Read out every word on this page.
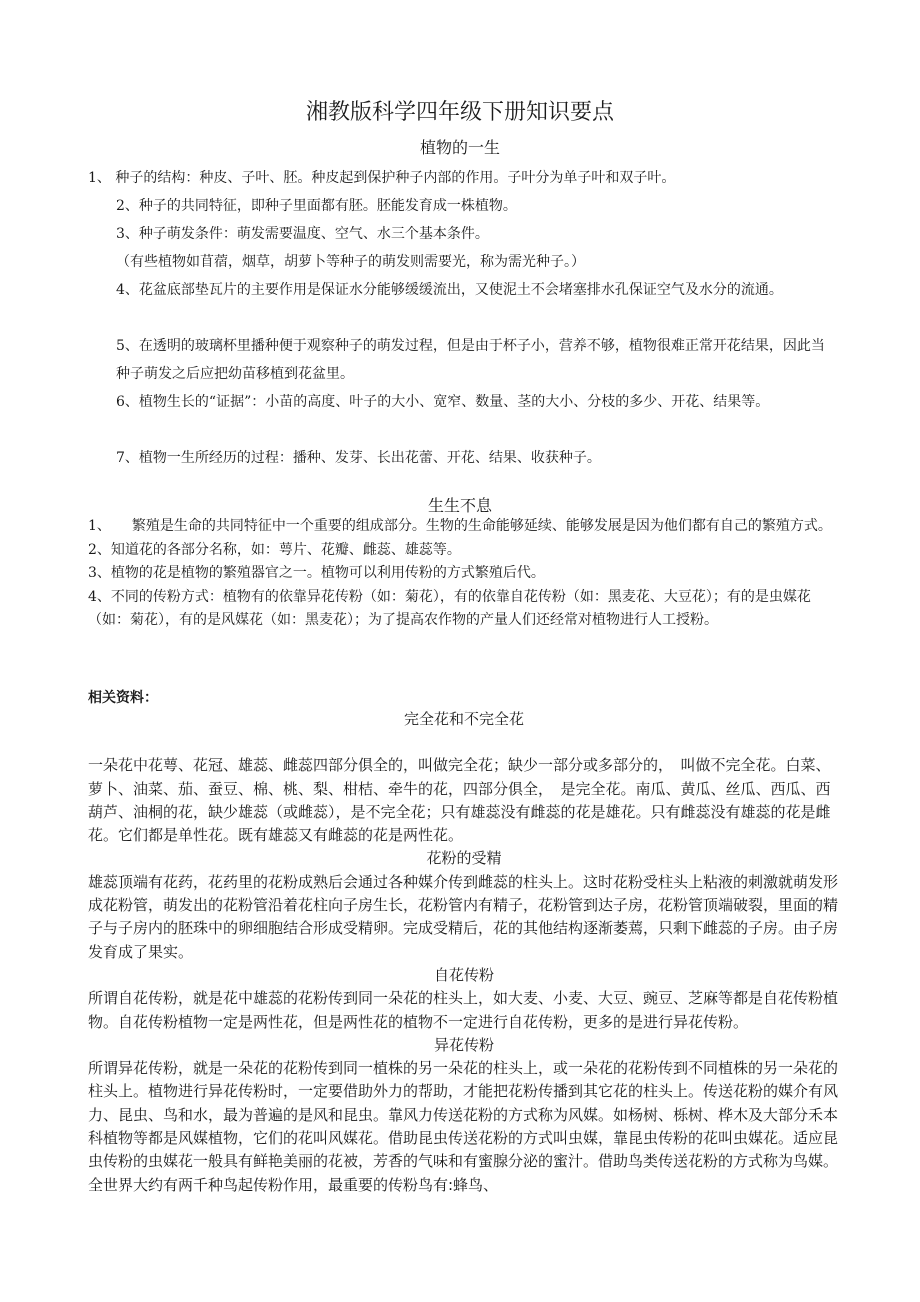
湘教版科学四年级下册知识要点
植物的一生
1、 种子的结构：种皮、子叶、胚。种皮起到保护种子内部的作用。子叶分为单子叶和双子叶。
2、种子的共同特征，即种子里面都有胚。胚能发育成一株植物。
3、种子萌发条件：萌发需要温度、空气、水三个基本条件。
（有些植物如苜蓿，烟草，胡萝卜等种子的萌发则需要光，称为需光种子。）
4、花盆底部垫瓦片的主要作用是保证水分能够缓缓流出，又使泥土不会堵塞排水孔保证空气及水分的流通。
5、在透明的玻璃杯里播种便于观察种子的萌发过程，但是由于杯子小，营养不够，植物很难正常开花结果，因此当种子萌发之后应把幼苗移植到花盆里。
6、植物生长的“证据”：小苗的高度、叶子的大小、宽窄、数量、茎的大小、分枝的多少、开花、结果等。
7、植物一生所经历的过程：播种、发芽、长出花蕾、开花、结果、收获种子。
生生不息

1、　　繁殖是生命的共同特征中一个重要的组成部分。生物的生命能够延续、能够发展是因为他们都有自己的繁殖方式。

2、知道花的各部分名称，如：萼片、花瓣、雌蕊、雄蕊等。

3、植物的花是植物的繁殖器官之一。植物可以利用传粉的方式繁殖后代。

4、不同的传粉方式：植物有的依靠异花传粉（如：菊花），有的依靠自花传粉（如：黑麦花、大豆花）；有的是虫媒花（如：菊花），有的是风媒花（如：黑麦花）；为了提高农作物的产量人们还经常对植物进行人工授粉。

相关资料：

完全花和不完全花

一朵花中花萼、花冠、雄蕊、雌蕊四部分俱全的，叫做完全花；缺少一部分或多部分的，　叫做不完全花。白菜、萝卜、油菜、茄、蚕豆、棉、桃、梨、柑桔、牵牛的花，四部分俱全，　是完全花。南瓜、黄瓜、丝瓜、西瓜、西葫芦、油桐的花，缺少雄蕊（或雌蕊），是不完全花；只有雄蕊没有雌蕊的花是雄花。只有雌蕊没有雄蕊的花是雌花。它们都是单性花。既有雄蕊又有雌蕊的花是两性花。

花粉的受精

雄蕊顶端有花药，花药里的花粉成熟后会通过各种媒介传到雌蕊的柱头上。这时花粉受柱头上粘液的刺激就萌发形成花粉管，萌发出的花粉管沿着花柱向子房生长，花粉管内有精子，花粉管到达子房，花粉管顶端破裂，里面的精子与子房内的胚珠中的卵细胞结合形成受精卵。完成受精后，花的其他结构逐渐萎蔫，只剩下雌蕊的子房。由子房发育成了果实。

自花传粉

所谓自花传粉，就是花中雄蕊的花粉传到同一朵花的柱头上，如大麦、小麦、大豆、豌豆、芝麻等都是自花传粉植物。自花传粉植物一定是两性花，但是两性花的植物不一定进行自花传粉，更多的是进行异花传粉。

异花传粉

所谓异花传粉，就是一朵花的花粉传到同一植株的另一朵花的柱头上，或一朵花的花粉传到不同植株的另一朵花的柱头上。植物进行异花传粉时，一定要借助外力的帮助，才能把花粉传播到其它花的柱头上。传送花粉的媒介有风力、昆虫、鸟和水，最为普遍的是风和昆虫。靠风力传送花粉的方式称为风媒。如杨树、栎树、桦木及大部分禾本科植物等都是风媒植物，它们的花叫风媒花。借助昆虫传送花粉的方式叫虫媒，靠昆虫传粉的花叫虫媒花。适应昆虫传粉的虫媒花一般具有鲜艳美丽的花被，芳香的气味和有蜜腺分泌的蜜汁。借助鸟类传送花粉的方式称为鸟媒。全世界大约有两千种鸟起传粉作用，最重要的传粉鸟有:蜂鸟、
